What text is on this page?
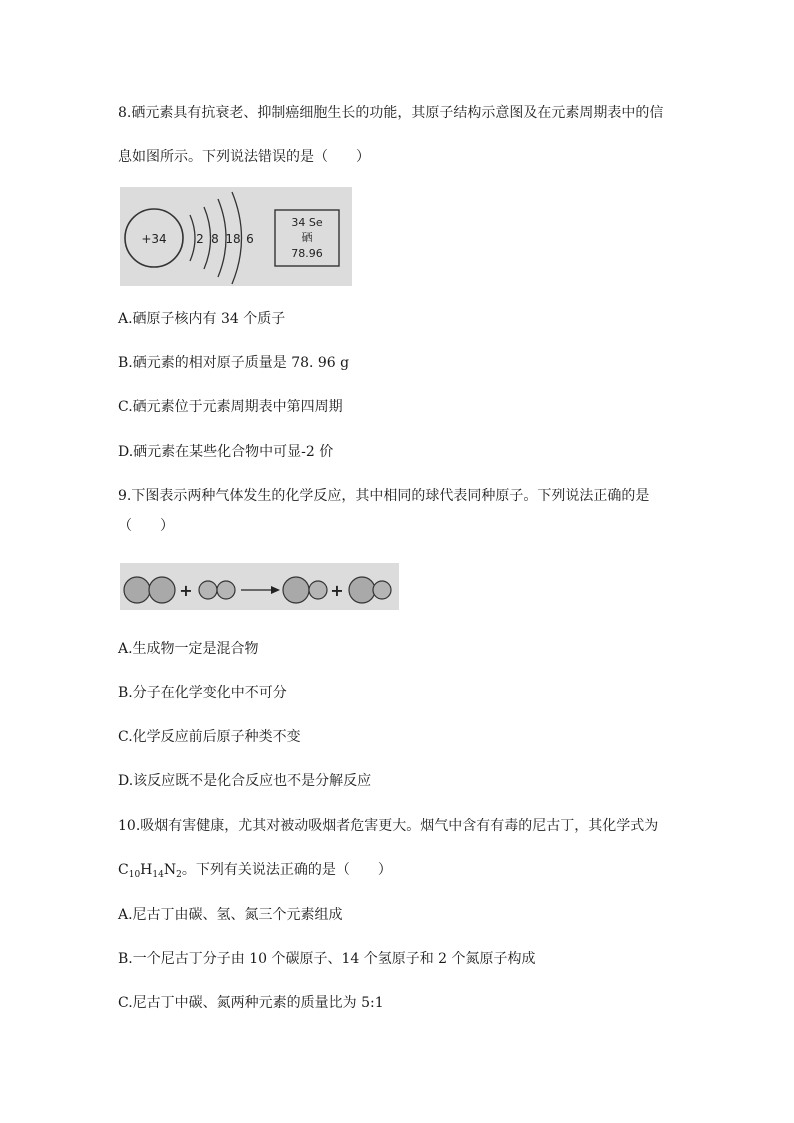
8.硒元素具有抗衰老、抑制癌细胞生长的功能，其原子结构示意图及在元素周期表中的信
息如图所示。下列说法错误的是（　　）
+34 2 8 18 6
34 Se
硒
78.96
A.硒原子核内有 34 个质子
B.硒元素的相对原子质量是 78. 96 g
C.硒元素位于元素周期表中第四周期
D.硒元素在某些化合物中可显-2 价
9.下图表示两种气体发生的化学反应，其中相同的球代表同种原子。下列说法正确的是
（　　）
+	+
A.生成物一定是混合物
B.分子在化学变化中不可分
C.化学反应前后原子种类不变
D.该反应既不是化合反应也不是分解反应
10.吸烟有害健康，尤其对被动吸烟者危害更大。烟气中含有有毒的尼古丁，其化学式为
$C_{10}H_{14}N_2$。下列有关说法正确的是（　　）
A.尼古丁由碳、氢、氮三个元素组成
B.一个尼古丁分子由 10 个碳原子、14 个氢原子和 2 个氮原子构成
C.尼古丁中碳、氮两种元素的质量比为 5:1
